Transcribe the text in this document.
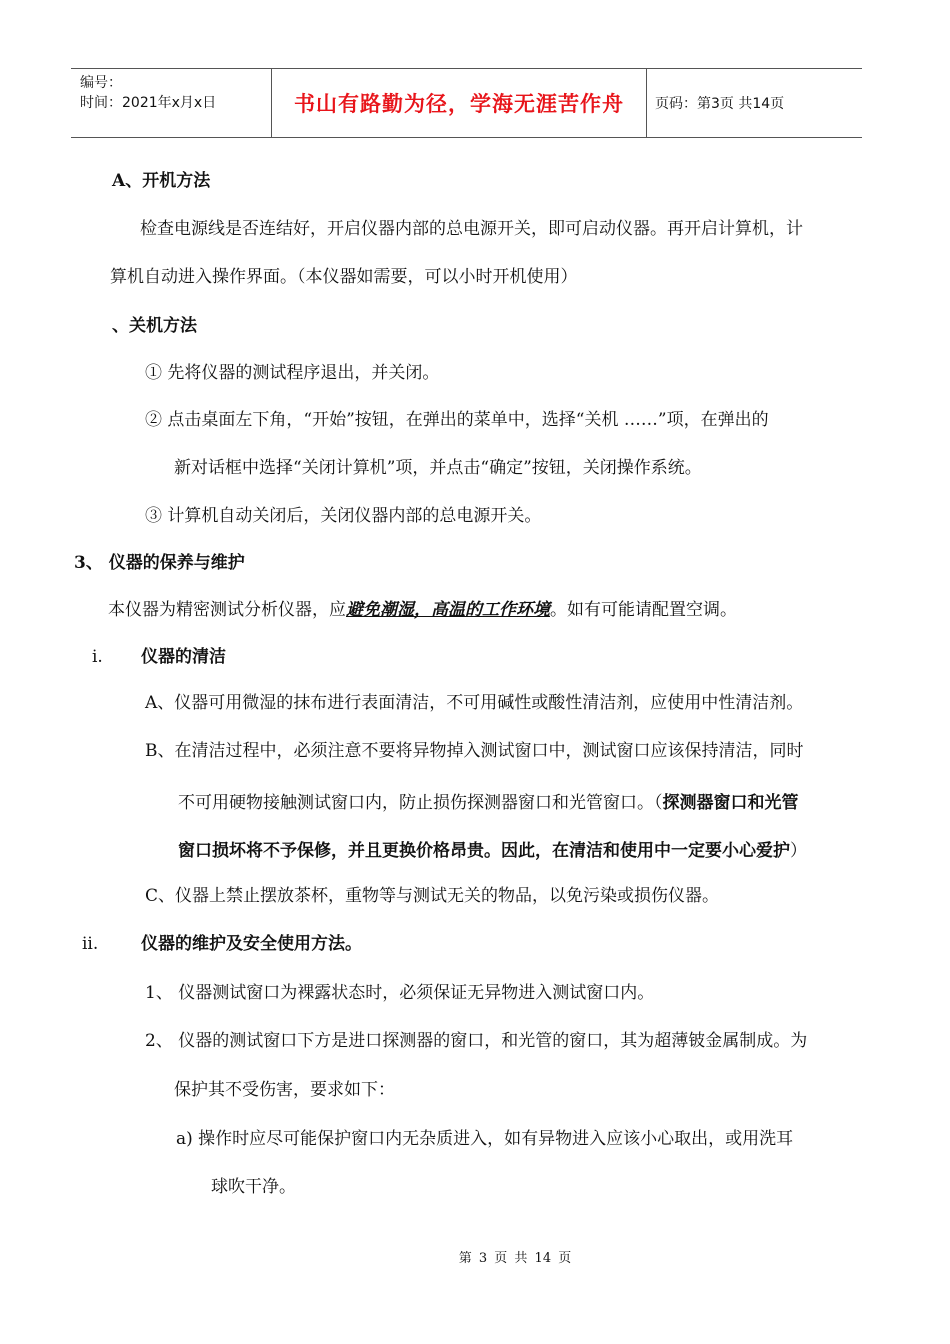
编号：
时间：2021年x月x日	书山有路勤为径，学海无涯苦作舟	页码：第3页 共14页
A、开机方法
检查电源线是否连结好，开启仪器内部的总电源开关，即可启动仪器。再开启计算机，计
算机自动进入操作界面。（本仪器如需要，可以小时开机使用）
、关机方法
① 先将仪器的测试程序退出，并关闭。
② 点击桌面左下角，“开始”按钮，在弹出的菜单中，选择“关机 ……”项，在弹出的
新对话框中选择“关闭计算机”项，并点击“确定”按钮，关闭操作系统。
③ 计算机自动关闭后，关闭仪器内部的总电源开关。
3、 仪器的保养与维护
本仪器为精密测试分析仪器，应避免潮湿，高温的工作环境。如有可能请配置空调。
i. 仪器的清洁
A、仪器可用微湿的抹布进行表面清洁，不可用碱性或酸性清洁剂，应使用中性清洁剂。
B、在清洁过程中，必须注意不要将异物掉入测试窗口中，测试窗口应该保持清洁，同时
不可用硬物接触测试窗口内，防止损伤探测器窗口和光管窗口。（探测器窗口和光管
窗口损坏将不予保修，并且更换价格昂贵。因此，在清洁和使用中一定要小心爱护）
C、仪器上禁止摆放茶杯，重物等与测试无关的物品，以免污染或损伤仪器。
ii.	仪器的维护及安全使用方法。
1、 仪器测试窗口为裸露状态时，必须保证无异物进入测试窗口内。
2、 仪器的测试窗口下方是进口探测器的窗口，和光管的窗口，其为超薄铍金属制成。为
保护其不受伤害，要求如下：
a) 操作时应尽可能保护窗口内无杂质进入，如有异物进入应该小心取出，或用洗耳
球吹干净。
第 3 页 共 14 页
